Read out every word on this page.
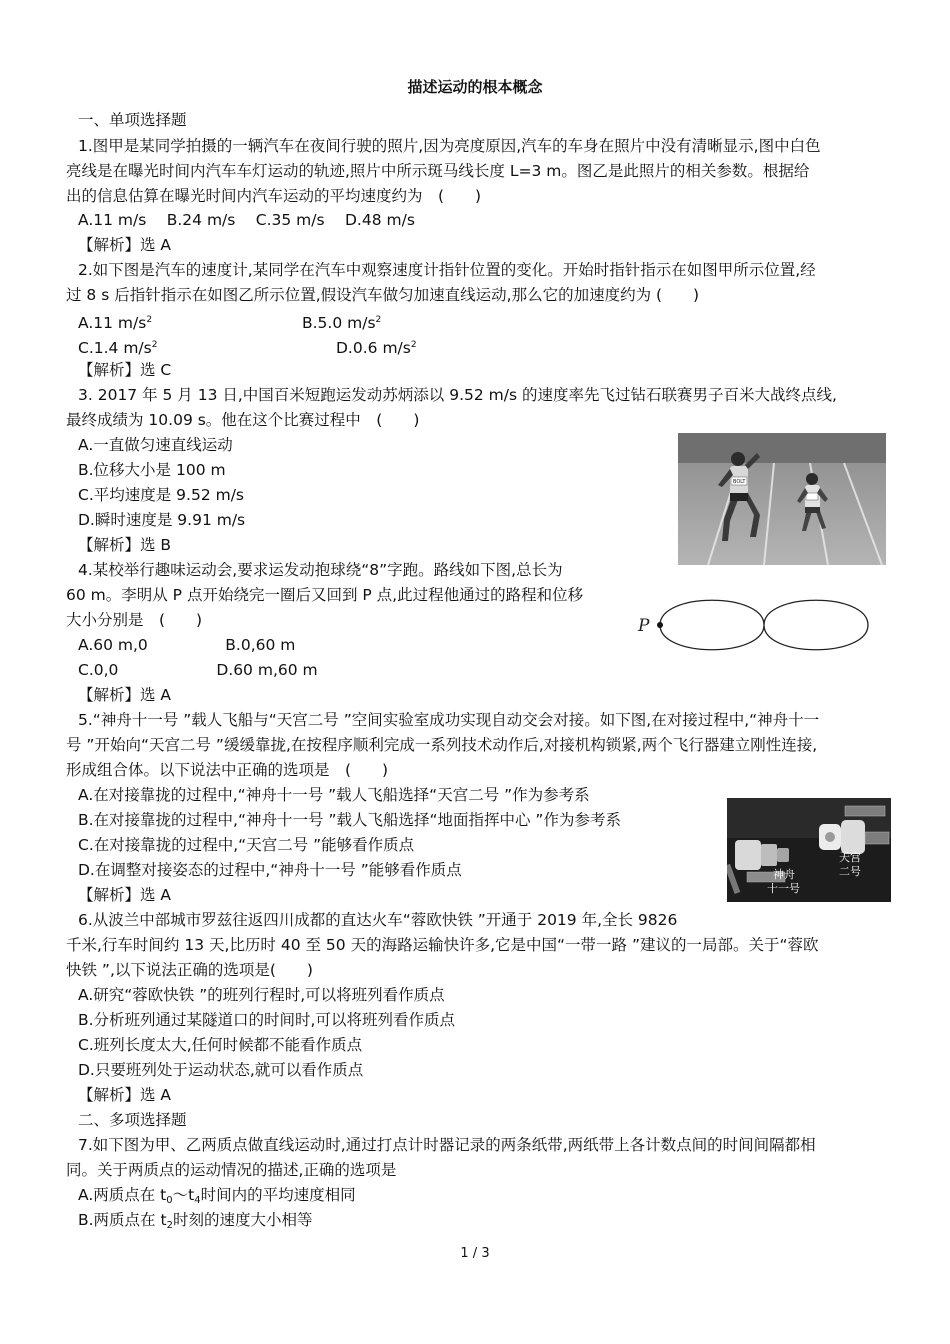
描述运动的根本概念
一、单项选择题
1.图甲是某同学拍摄的一辆汽车在夜间行驶的照片,因为亮度原因,汽车的车身在照片中没有清晰显示,图中白色
亮线是在曝光时间内汽车车灯运动的轨迹,照片中所示斑马线长度 L=3 m。图乙是此照片的相关参数。根据给
出的信息估算在曝光时间内汽车运动的平均速度约为　(　　)
A.11 m/s　 B.24 m/s　 C.35 m/s　 D.48 m/s
【解析】选 A
2.如下图是汽车的速度计,某同学在汽车中观察速度计指针位置的变化。开始时指针指示在如图甲所示位置,经
过 8 s 后指针指示在如图乙所示位置,假设汽车做匀加速直线运动,那么它的加速度约为 (　　)
A.11 $m/s^2$	B.5.0 $m/s^2$
C.1.4 $m/s^2$	D.0.6 $m/s^2$
【解析】选 C
3. 2017 年 5 月 13 日,中国百米短跑运发动苏炳添以 9.52 m/s 的速度率先飞过钻石联赛男子百米大战终点线,
最终成绩为 10.09 s。他在这个比赛过程中　(　　)
A.一直做匀速直线运动
B.位移大小是 100 m
C.平均速度是 9.52 m/s
D.瞬时速度是 9.91 m/s
【解析】选 B
BOLT
4.某校举行趣味运动会,要求运发动抱球绕“8”字跑。路线如下图,总长为
60 m。李明从 P 点开始绕完一圈后又回到 P 点,此过程他通过的路程和位移
大小分别是　(　　)
A.60 m,0　　　　　B.0,60 m
C.0,0　　　　　　 D.60 m,60 m
【解析】选 A
P
5.“神舟十一号 ”载人飞船与“天宫二号 ”空间实验室成功实现自动交会对接。如下图,在对接过程中,“神舟十一
号 ”开始向“天宫二号 ”缓缓靠拢,在按程序顺利完成一系列技术动作后,对接机构锁紧,两个飞行器建立刚性连接,
形成组合体。以下说法中正确的选项是　(　　)
A.在对接靠拢的过程中,“神舟十一号 ”载人飞船选择“天宫二号 ”作为参考系
B.在对接靠拢的过程中,“神舟十一号 ”载人飞船选择“地面指挥中心 ”作为参考系
C.在对接靠拢的过程中,“天宫二号 ”能够看作质点
D.在调整对接姿态的过程中,“神舟十一号 ”能够看作质点
【解析】选 A
天宫
二号
神舟
十一号
6.从波兰中部城市罗兹往返四川成都的直达火车“蓉欧快铁 ”开通于 2019 年,全长 9826
千米,行车时间约 13 天,比历时 40 至 50 天的海路运输快许多,它是中国“一带一路 ”建议的一局部。关于“蓉欧
快铁 ”,以下说法正确的选项是(　　)
A.研究“蓉欧快铁 ”的班列行程时,可以将班列看作质点
B.分析班列通过某隧道口的时间时,可以将班列看作质点
C.班列长度太大,任何时候都不能看作质点
D.只要班列处于运动状态,就可以看作质点
【解析】选 A
二、多项选择题
7.如下图为甲、乙两质点做直线运动时,通过打点计时器记录的两条纸带,两纸带上各计数点间的时间间隔都相
同。关于两质点的运动情况的描述,正确的选项是
A.两质点在 $t_0\sim t_4$时间内的平均速度相同
B.两质点在 $t_2$时刻的速度大小相等
1 / 3
